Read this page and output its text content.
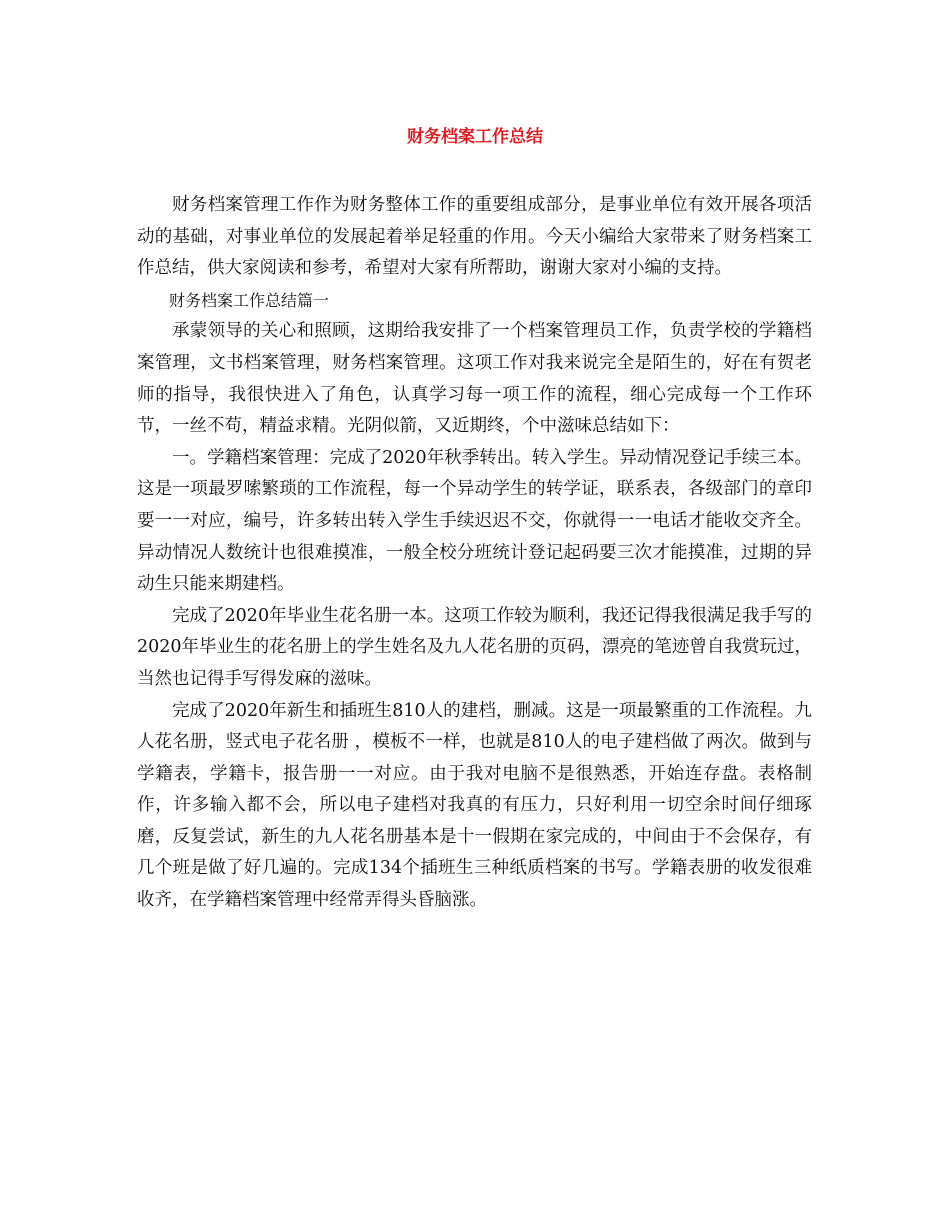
财务档案工作总结

财务档案管理工作作为财务整体工作的重要组成部分，是事业单位有效开展各项活动的基础，对事业单位的发展起着举足轻重的作用。今天小编给大家带来了财务档案工作总结，供大家阅读和参考，希望对大家有所帮助，谢谢大家对小编的支持。

财务档案工作总结篇一

承蒙领导的关心和照顾，这期给我安排了一个档案管理员工作，负责学校的学籍档案管理，文书档案管理，财务档案管理。这项工作对我来说完全是陌生的，好在有贺老师的指导，我很快进入了角色，认真学习每一项工作的流程，细心完成每一个工作环节，一丝不苟，精益求精。光阴似箭，又近期终，个中滋味总结如下：

一。学籍档案管理：完成了2020年秋季转出。转入学生。异动情况登记手续三本。这是一项最罗嗦繁琐的工作流程，每一个异动学生的转学证，联系表，各级部门的章印要一一对应，编号，许多转出转入学生手续迟迟不交，你就得一一电话才能收交齐全。异动情况人数统计也很难摸准，一般全校分班统计登记起码要三次才能摸准，过期的异动生只能来期建档。

完成了2020年毕业生花名册一本。这项工作较为顺利，我还记得我很满足我手写的2020年毕业生的花名册上的学生姓名及九人花名册的页码，漂亮的笔迹曾自我赏玩过，当然也记得手写得发麻的滋味。

完成了2020年新生和插班生810人的建档，删减。这是一项最繁重的工作流程。九人花名册，竖式电子花名册 ，模板不一样，也就是810人的电子建档做了两次。做到与学籍表，学籍卡，报告册一一对应。由于我对电脑不是很熟悉，开始连存盘。表格制作，许多输入都不会，所以电子建档对我真的有压力，只好利用一切空余时间仔细琢磨，反复尝试，新生的九人花名册基本是十一假期在家完成的，中间由于不会保存，有几个班是做了好几遍的。完成134个插班生三种纸质档案的书写。学籍表册的收发很难收齐，在学籍档案管理中经常弄得头昏脑涨。
